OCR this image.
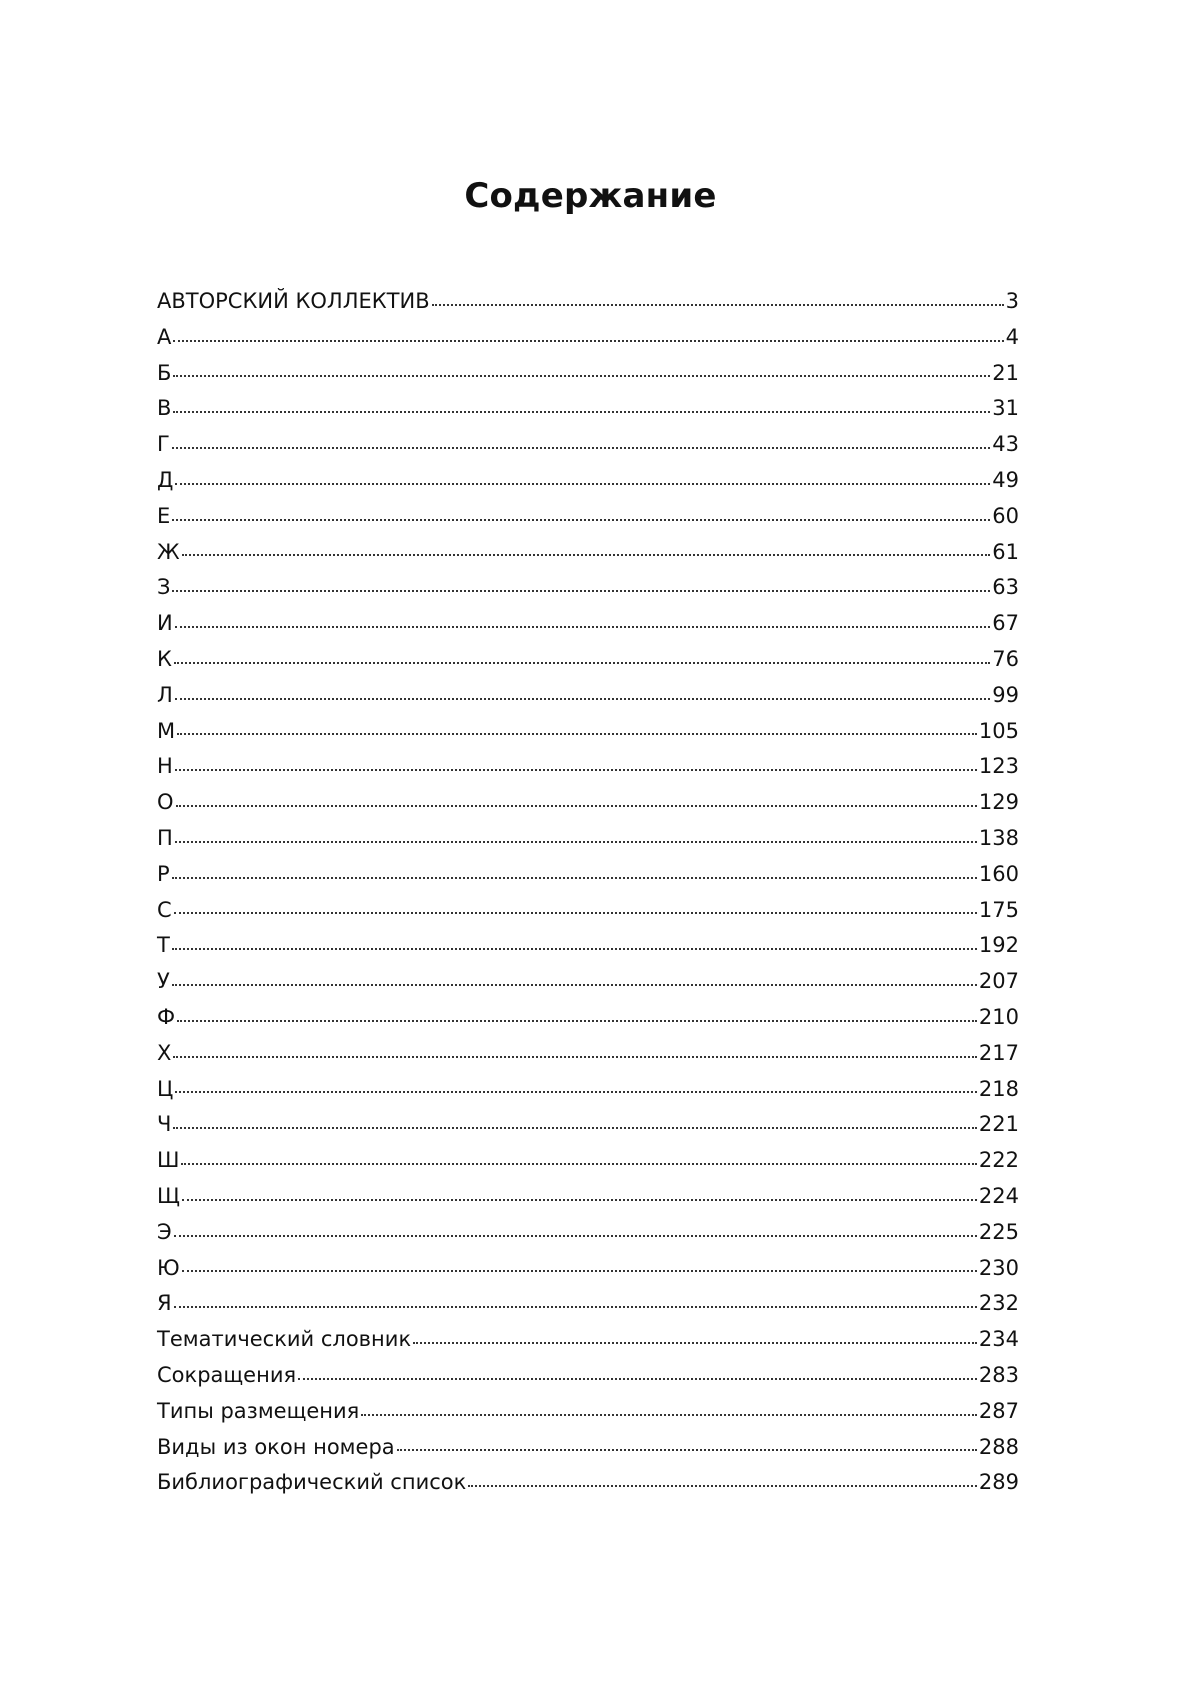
Содержание
АВТОРСКИЙ КОЛЛЕКТИВ	3
А	4
Б	21
В	31
Г	43
Д	49
Е	60
Ж	61
З	63
И	67
К	76
Л	99
М	105
Н	123
О	129
П	138
Р	160
С	175
Т	192
У	207
Ф	210
Х	217
Ц	218
Ч	221
Ш	222
Щ	224
Э	225
Ю	230
Я	232
Тематический словник	234
Сокращения	283
Типы размещения	287
Виды из окон номера	288
Библиографический список	289
